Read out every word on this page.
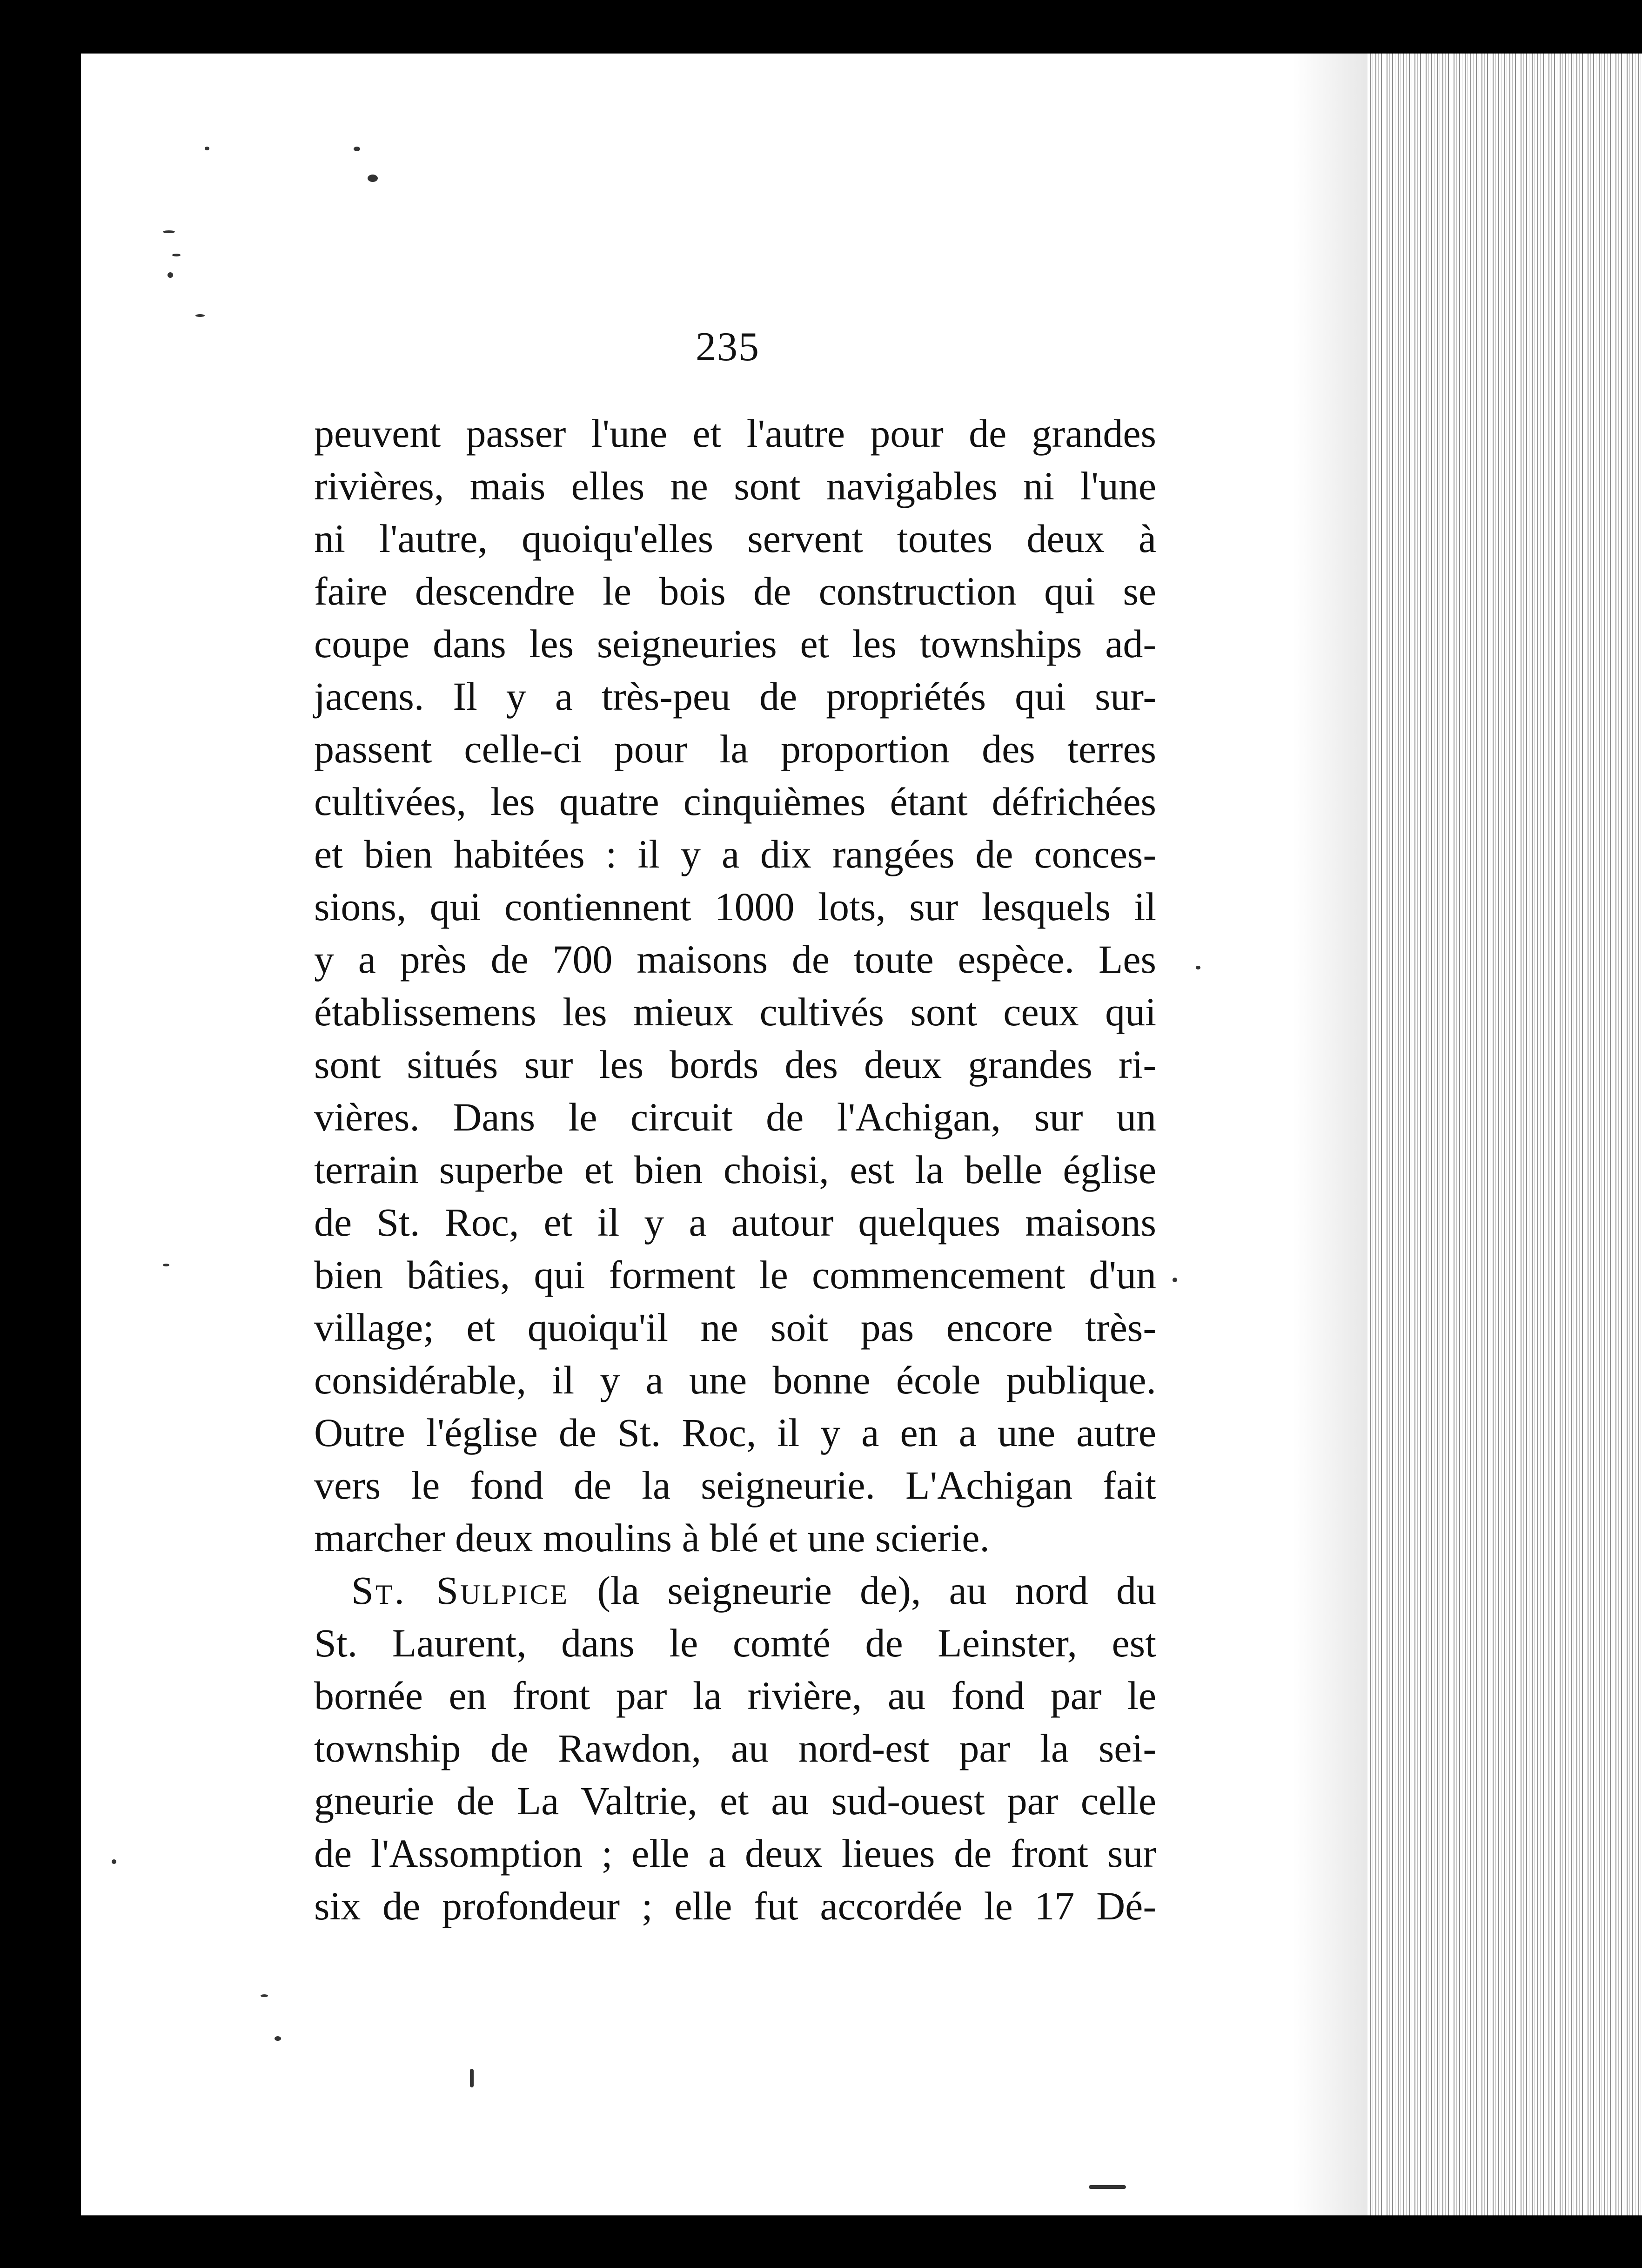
235
peuvent passer l'une et l'autre pour de grandes
rivières, mais elles ne sont navigables ni l'une
ni l'autre, quoiqu'elles servent toutes deux à
faire descendre le bois de construction qui se
coupe dans les seigneuries et les townships ad-
jacens. Il y a très-peu de propriétés qui sur-
passent celle-ci pour la proportion des terres
cultivées, les quatre cinquièmes étant défrichées
et bien habitées : il y a dix rangées de conces-
sions, qui contiennent 1000 lots, sur lesquels il
y a près de 700 maisons de toute espèce. Les
établissemens les mieux cultivés sont ceux qui
sont situés sur les bords des deux grandes ri-
vières. Dans le circuit de l'Achigan, sur un
terrain superbe et bien choisi, est la belle église
de St. Roc, et il y a autour quelques maisons
bien bâties, qui forment le commencement d'un
village; et quoiqu'il ne soit pas encore très-
considérable, il y a une bonne école publique.
Outre l'église de St. Roc, il y a en a une autre
vers le fond de la seigneurie. L'Achigan fait
marcher deux moulins à blé et une scierie.
St. Sulpice (la seigneurie de), au nord du
St. Laurent, dans le comté de Leinster, est
bornée en front par la rivière, au fond par le
township de Rawdon, au nord-est par la sei-
gneurie de La Valtrie, et au sud-ouest par celle
de l'Assomption ; elle a deux lieues de front sur
six de profondeur ; elle fut accordée le 17 Dé-
